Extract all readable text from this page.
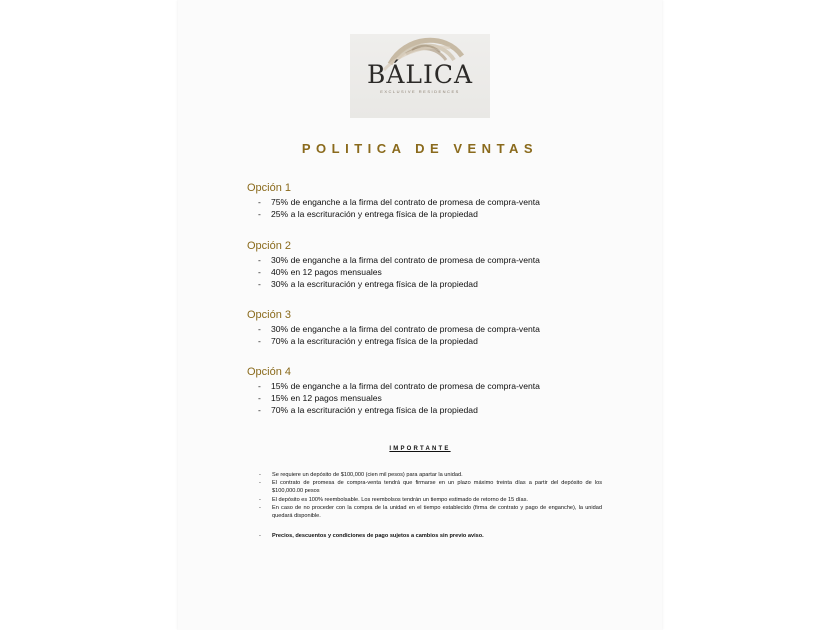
BÁLICA
EXCLUSIVE RESIDENCES
POLITICA DE VENTAS
Opción 1
- 75% de enganche a la firma del contrato de promesa de compra-venta
- 25% a la escrituración y entrega física de la propiedad
Opción 2
- 30% de enganche a la firma del contrato de promesa de compra-venta
- 40% en 12 pagos mensuales
- 30% a la escrituración y entrega física de la propiedad
Opción 3
- 30% de enganche a la firma del contrato de promesa de compra-venta
- 70% a la escrituración y entrega física de la propiedad
Opción 4
- 15% de enganche a la firma del contrato de promesa de compra-venta
- 15% en 12 pagos mensuales
- 70% a la escrituración y entrega física de la propiedad
IMPORTANTE
- Se requiere un depósito de $100,000 (cien mil pesos) para apartar la unidad.
- El contrato de promesa de compra-venta tendrá que firmarse en un plazo máximo treinta días a partir del depósito de los $100,000.00 pesos
- El depósito es 100% reembolsable. Los reembolsos tendrán un tiempo estimado de retorno de 15 días.
- En caso de no proceder con la compra de la unidad en el tiempo establecido (firma de contrato y pago de enganche), la unidad quedará disponible.
- Precios, descuentos y condiciones de pago sujetos a cambios sin previo aviso.
